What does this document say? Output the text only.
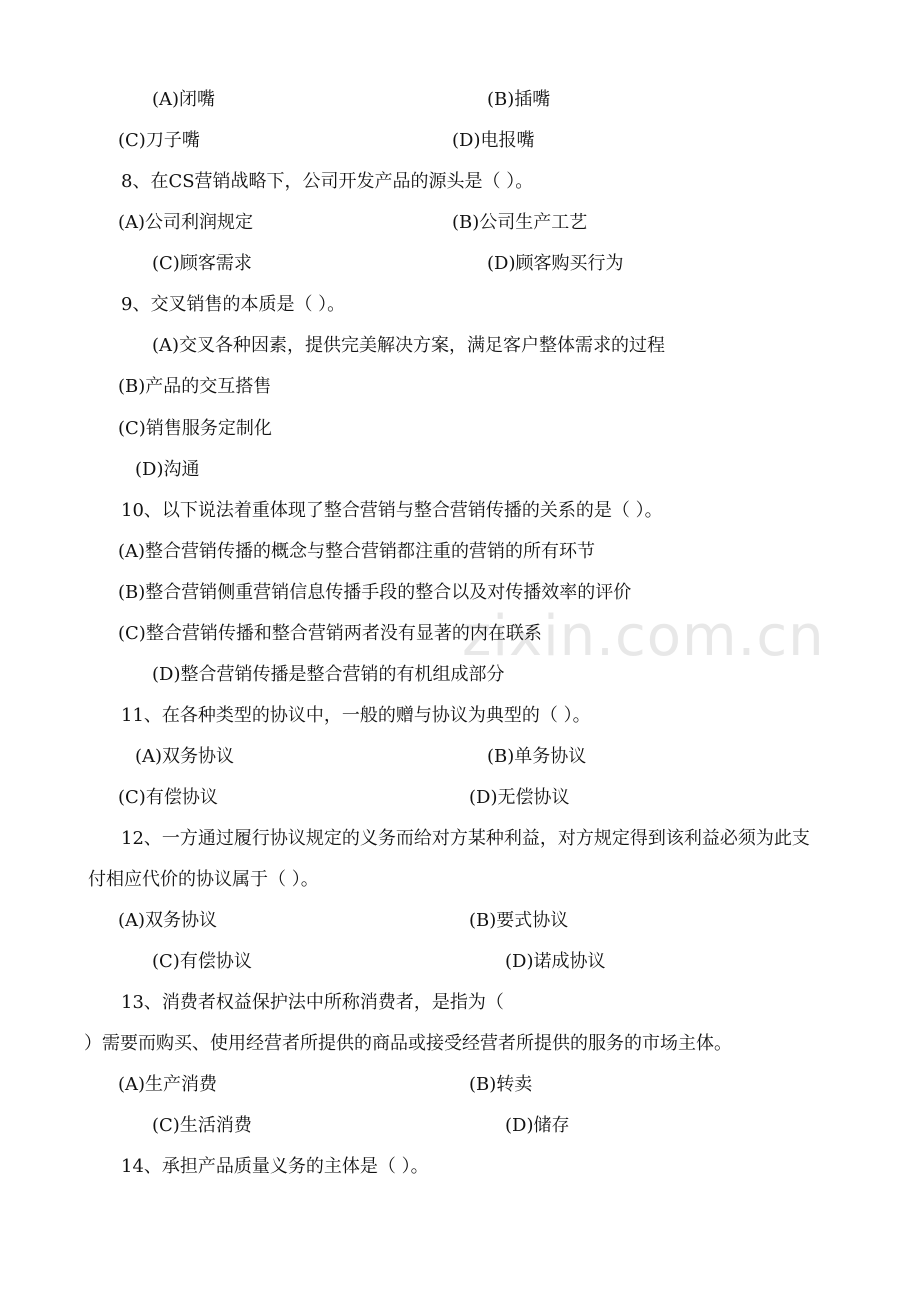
zixin.com.cn
(A)闭嘴	(B)插嘴
(C)刀子嘴	(D)电报嘴
8、在CS营销战略下，公司开发产品的源头是（ ）。
(A)公司利润规定	(B)公司生产工艺
(C)顾客需求	(D)顾客购买行为
9、交叉销售的本质是（ ）。
(A)交叉各种因素，提供完美解决方案，满足客户整体需求的过程
(B)产品的交互搭售
(C)销售服务定制化
(D)沟通
10、以下说法着重体现了整合营销与整合营销传播的关系的是（ ）。
(A)整合营销传播的概念与整合营销都注重的营销的所有环节
(B)整合营销侧重营销信息传播手段的整合以及对传播效率的评价
(C)整合营销传播和整合营销两者没有显著的内在联系
(D)整合营销传播是整合营销的有机组成部分
11、在各种类型的协议中，一般的赠与协议为典型的（ ）。
(A)双务协议	(B)单务协议
(C)有偿协议	(D)无偿协议
12、一方通过履行协议规定的义务而给对方某种利益，对方规定得到该利益必须为此支
付相应代价的协议属于（ ）。
(A)双务协议	(B)要式协议
(C)有偿协议	(D)诺成协议
13、消费者权益保护法中所称消费者，是指为（
）需要而购买、使用经营者所提供的商品或接受经营者所提供的服务的市场主体。
(A)生产消费	(B)转卖
(C)生活消费	(D)储存
14、承担产品质量义务的主体是（ ）。
